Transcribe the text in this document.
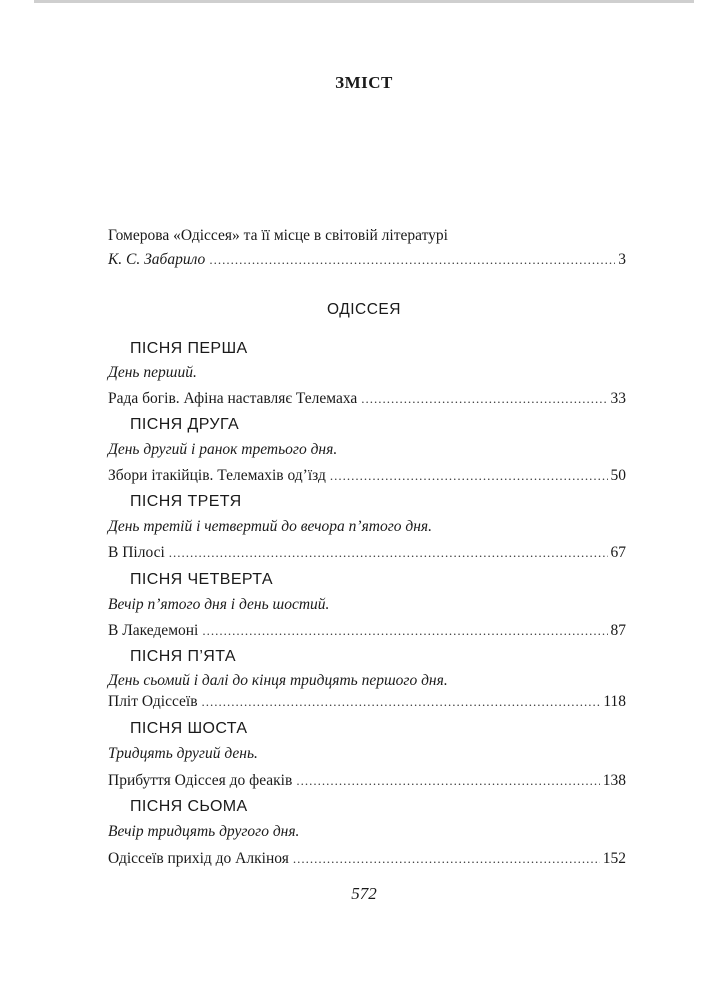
ЗМІСТ
Гомерова «Одіссея» та її місце в світовій літературі
К. С. Забарило .....	3
ОДІССЕЯ
ПІСНЯ ПЕРША
День перший.
Рада богів. Афіна наставляє Телемаха .....	33
ПІСНЯ ДРУГА
День другий і ранок третього дня.
Збори ітакійців. Телемахів од’їзд .....	50
ПІСНЯ ТРЕТЯ
День третій і четвертий до вечора п’ятого дня.
В Пілосі .....	67
ПІСНЯ ЧЕТВЕРТА
Вечір п’ятого дня і день шостий.
В Лакедемоні .....	87
ПІСНЯ П’ЯТА
День сьомий і далі до кінця тридцять першого дня.
Пліт Одіссеїв .....	118
ПІСНЯ ШОСТА
Тридцять другий день.
Прибуття Одіссея до феаків .....	138
ПІСНЯ СЬОМА
Вечір тридцять другого дня.
Одіссеїв прихід до Алкіноя .....	152
572
